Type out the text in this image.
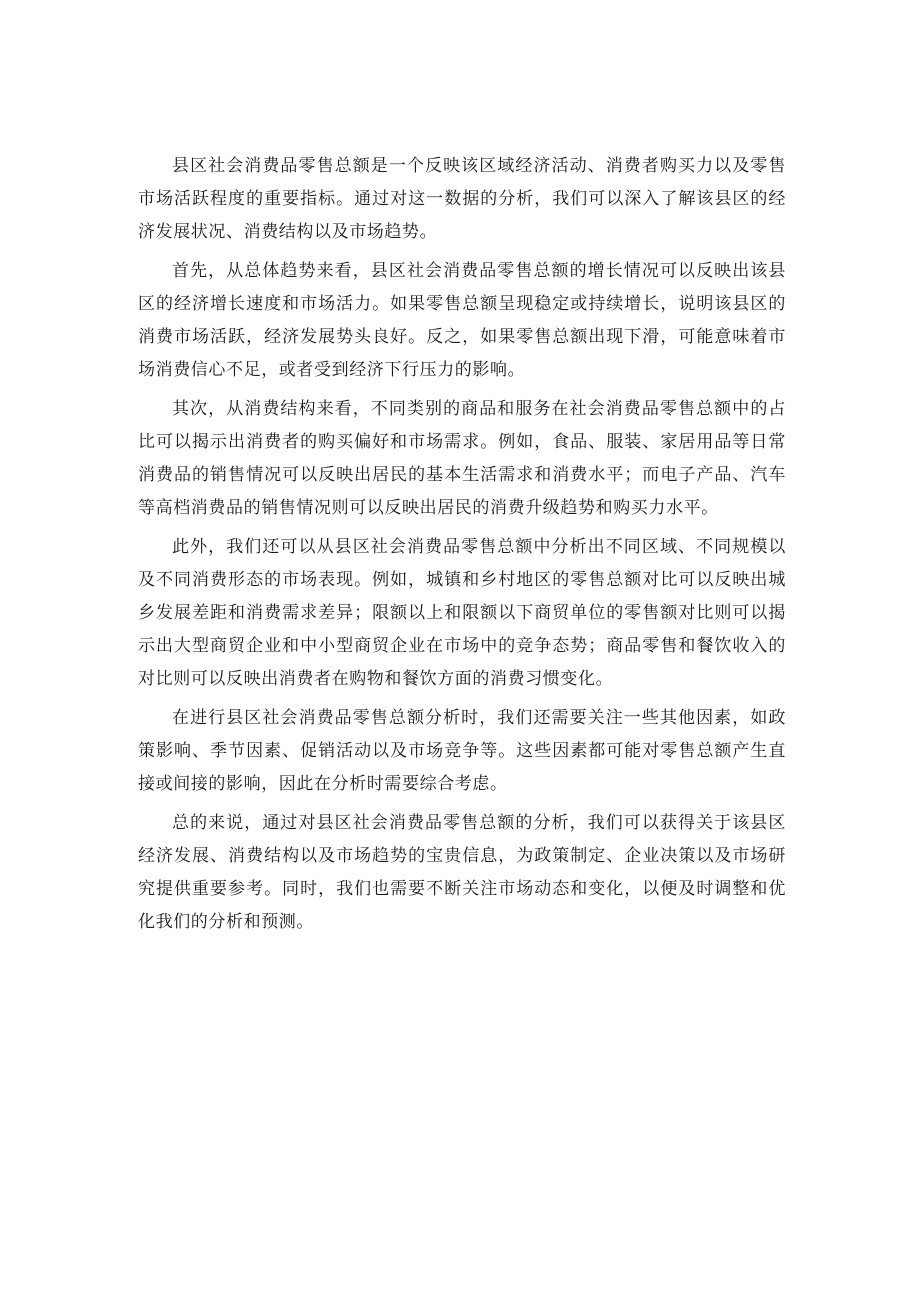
县区社会消费品零售总额是一个反映该区域经济活动、消费者购买力以及零售市场活跃程度的重要指标。通过对这一数据的分析，我们可以深入了解该县区的经济发展状况、消费结构以及市场趋势。

首先，从总体趋势来看，县区社会消费品零售总额的增长情况可以反映出该县区的经济增长速度和市场活力。如果零售总额呈现稳定或持续增长，说明该县区的消费市场活跃，经济发展势头良好。反之，如果零售总额出现下滑，可能意味着市场消费信心不足，或者受到经济下行压力的影响。

其次，从消费结构来看，不同类别的商品和服务在社会消费品零售总额中的占比可以揭示出消费者的购买偏好和市场需求。例如，食品、服装、家居用品等日常消费品的销售情况可以反映出居民的基本生活需求和消费水平；而电子产品、汽车等高档消费品的销售情况则可以反映出居民的消费升级趋势和购买力水平。

此外，我们还可以从县区社会消费品零售总额中分析出不同区域、不同规模以及不同消费形态的市场表现。例如，城镇和乡村地区的零售总额对比可以反映出城乡发展差距和消费需求差异；限额以上和限额以下商贸单位的零售额对比则可以揭示出大型商贸企业和中小型商贸企业在市场中的竞争态势；商品零售和餐饮收入的对比则可以反映出消费者在购物和餐饮方面的消费习惯变化。

在进行县区社会消费品零售总额分析时，我们还需要关注一些其他因素，如政策影响、季节因素、促销活动以及市场竞争等。这些因素都可能对零售总额产生直接或间接的影响，因此在分析时需要综合考虑。

总的来说，通过对县区社会消费品零售总额的分析，我们可以获得关于该县区经济发展、消费结构以及市场趋势的宝贵信息，为政策制定、企业决策以及市场研究提供重要参考。同时，我们也需要不断关注市场动态和变化，以便及时调整和优化我们的分析和预测。
